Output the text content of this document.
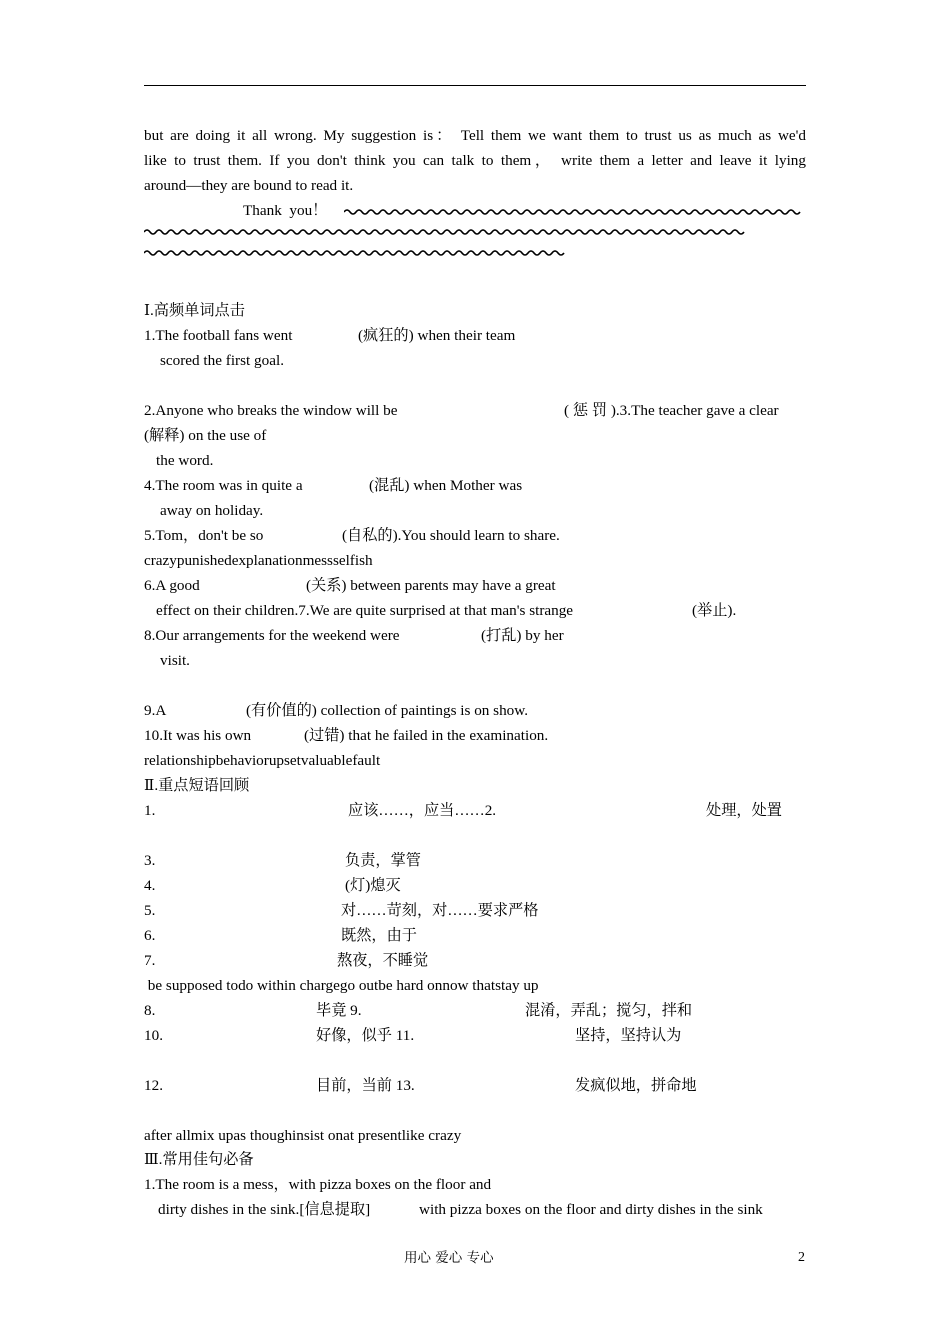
but are doing it all wrong. My suggestion is： Tell them we want them to trust us as much as we'd
like to trust them. If you don't think you can talk to them， write them a letter and leave it lying
around—they are bound to read it.
Thank  you！
Ⅰ.高频单词点击
1.The football fans went	(疯狂的) when their team
scored the first goal.
2.Anyone who breaks the window will be	( 惩 罚 ).3.The teacher gave a clear
(解释) on the use of
the word.
4.The room was in quite a	(混乱) when Mother was
away on holiday.
5.Tom，don't be so	(自私的).You should learn to share.
crazypunishedexplanationmessselfish
6.A good	(关系) between parents may have a great
effect on their children.7.We are quite surprised at that man's strange	(举止).
8.Our arrangements for the weekend were	(打乱) by her
visit.
9.A	(有价值的) collection of paintings is on show.
10.It was his own	(过错) that he failed in the examination.
relationshipbehaviorupsetvaluablefault
Ⅱ.重点短语回顾
1.	应该……，应当……2.	处理，处置
3.	负责，掌管
4.	(灯)熄灭
5.	对……苛刻，对……要求严格
6.	既然，由于
7.	熬夜，不睡觉
be supposed todo within chargego outbe hard onnow thatstay up
8.	毕竟 9.	混淆，弄乱；搅匀，拌和
10.	好像，似乎 11.	坚持，坚持认为
12.	目前，当前 13.	发疯似地，拼命地
after allmix upas thoughinsist onat presentlike crazy
Ⅲ.常用佳句必备
1.The room is a mess，with pizza boxes on the floor and
dirty dishes in the sink.[信息提取]	with pizza boxes on the floor and dirty dishes in the sink
用心 爱心 专心	2
